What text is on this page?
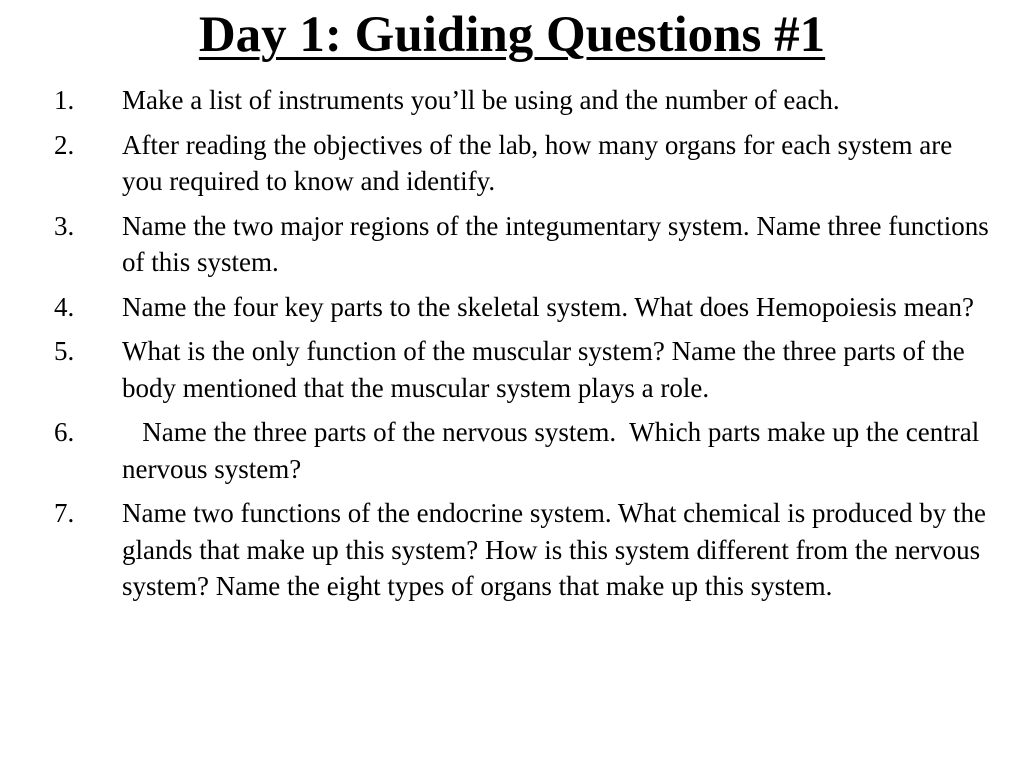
Day 1: Guiding Questions #1
1. Make a list of instruments you’ll be using and the number of each.
2. After reading the objectives of the lab, how many organs for each system are you required to know and identify.
3. Name the two major regions of the integumentary system. Name three functions of this system.
4. Name the four key parts to the skeletal system. What does Hemopoiesis mean?
5. What is the only function of the muscular system? Name the three parts of the body mentioned that the muscular system plays a role.
6. Name the three parts of the nervous system.  Which parts make up the central nervous system?
7. Name two functions of the endocrine system. What chemical is produced by the glands that make up this system? How is this system different from the nervous system? Name the eight types of organs that make up this system.
